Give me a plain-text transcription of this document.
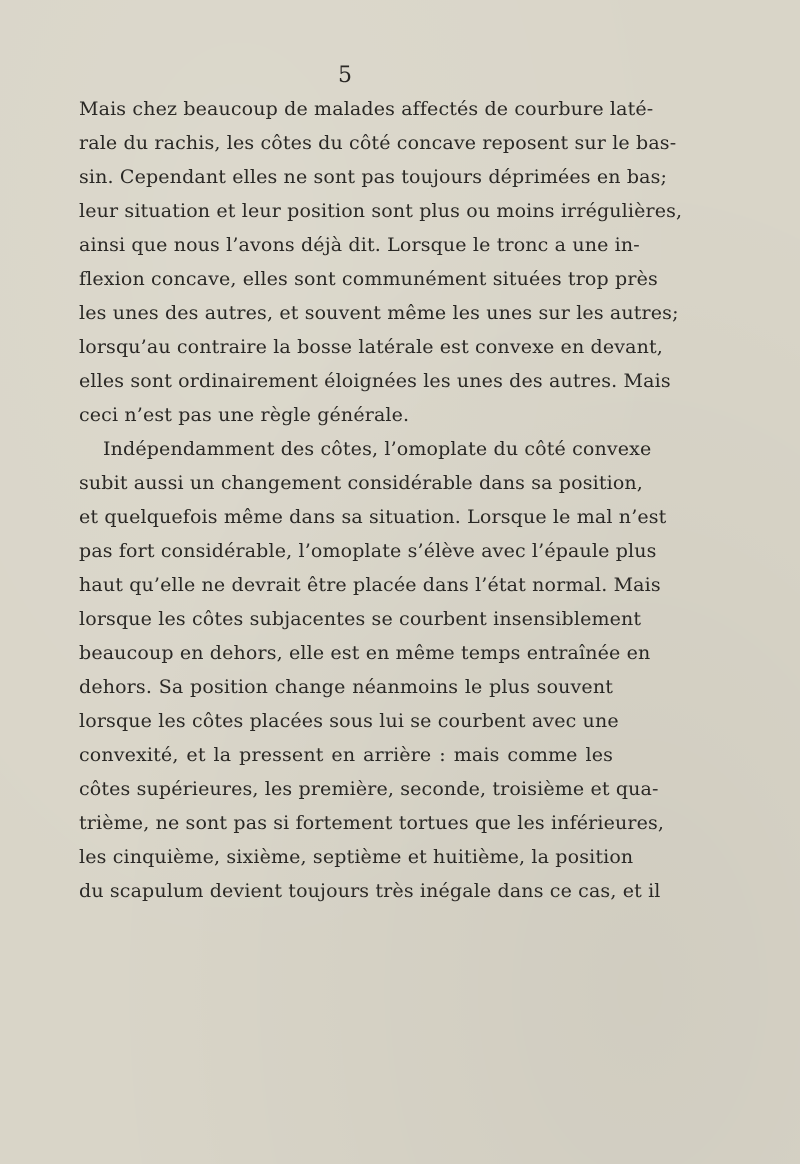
5
Mais chez beaucoup de malades affectés de courbure laté-
rale du rachis, les côtes du côté concave reposent sur le bas-
sin. Cependant elles ne sont pas toujours déprimées en bas;
leur situation et leur position sont plus ou moins irrégulières,
ainsi que nous l’avons déjà dit. Lorsque le tronc a une in-
flexion concave, elles sont communément situées trop près
les unes des autres, et souvent même les unes sur les autres;
lorsqu’au contraire la bosse latérale est convexe en devant,
elles sont ordinairement éloignées les unes des autres. Mais
ceci n’est pas une règle générale.
Indépendamment des côtes, l’omoplate du côté convexe
subit aussi un changement considérable dans sa position,
et quelquefois même dans sa situation. Lorsque le mal n’est
pas fort considérable, l’omoplate s’élève avec l’épaule plus
haut qu’elle ne devrait être placée dans l’état normal. Mais
lorsque les côtes subjacentes se courbent insensiblement
beaucoup en dehors, elle est en même temps entraînée en
dehors. Sa position change néanmoins le plus souvent
lorsque les côtes placées sous lui se courbent avec une
convexité, et la pressent en arrière : mais comme les
côtes supérieures, les première, seconde, troisième et qua-
trième, ne sont pas si fortement tortues que les inférieures,
les cinquième, sixième, septième et huitième, la position
du scapulum devient toujours très inégale dans ce cas, et il
